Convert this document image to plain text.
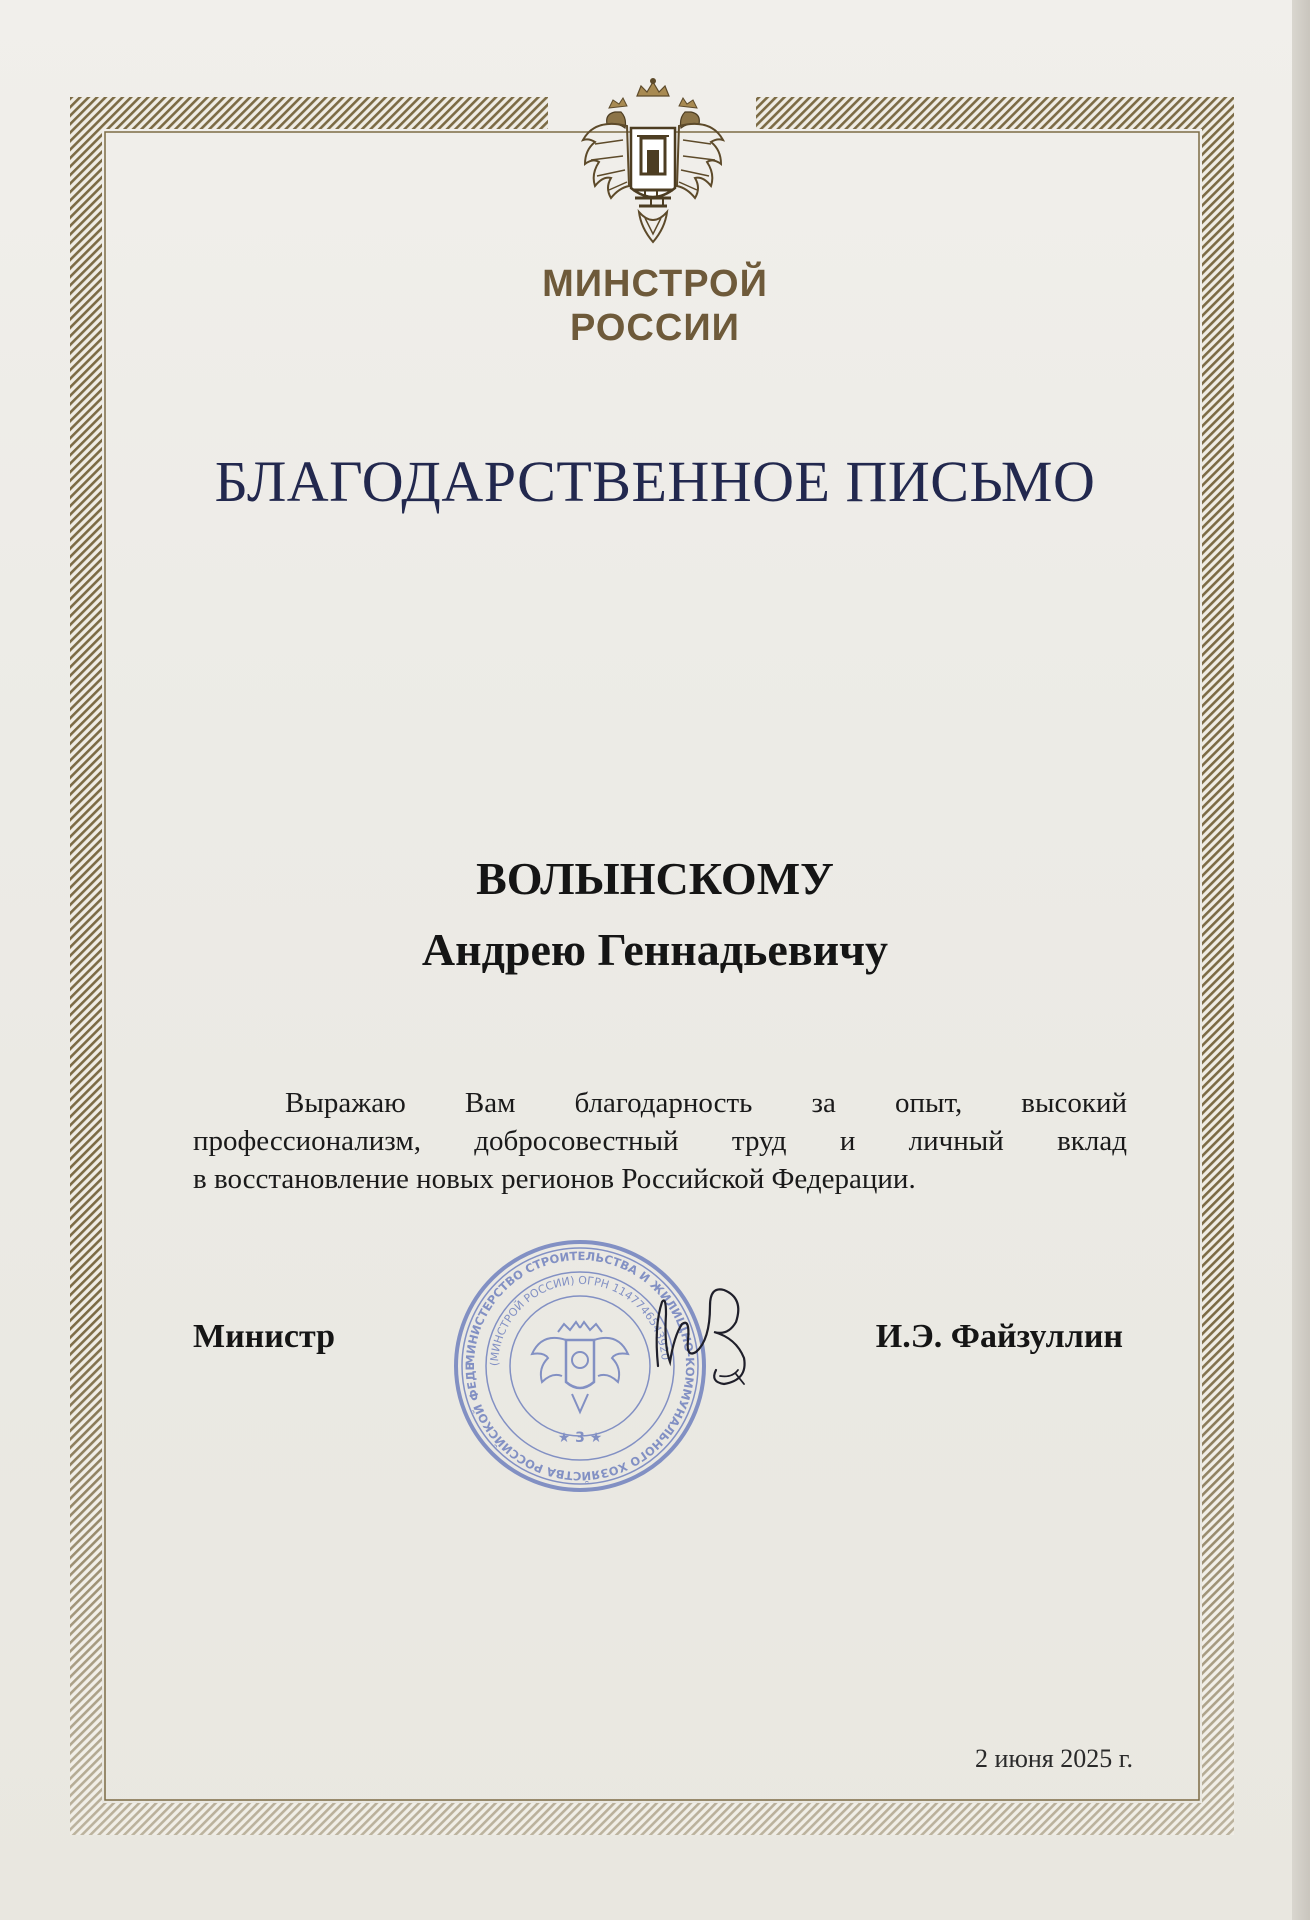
МИНСТРОЙ
РОССИИ
БЛАГОДАРСТВЕННОЕ ПИСЬМО
ВОЛЫНСКОМУ
Андрею Геннадьевичу
Выражаю Вам благодарность за опыт, высокий
профессионализм, добросовестный труд и личный вклад
в восстановление новых регионов Российской Федерации.
МИНИСТЕРСТВО СТРОИТЕЛЬСТВА И ЖИЛИЩНО-КОММУНАЛЬНОГО ХОЗЯЙСТВА РОССИЙСКОЙ ФЕДЕ (МИНСТРОЙ РОССИИ) ОГРН 1147746543920
★ 3 ★
Министр	И.Э. Файзуллин
2 июня 2025 г.
